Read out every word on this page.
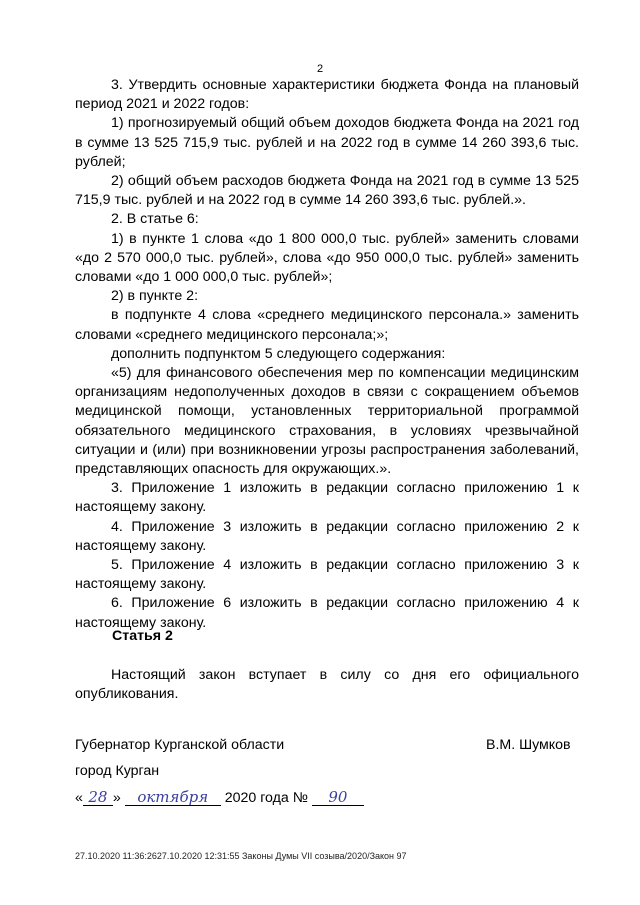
2

3. Утвердить основные характеристики бюджета Фонда на плановый период 2021 и 2022 годов:

1) прогнозируемый общий объем доходов бюджета Фонда на 2021 год в сумме 13 525 715,9 тыс. рублей и на 2022 год в сумме 14 260 393,6 тыс. рублей;

2) общий объем расходов бюджета Фонда на 2021 год в сумме 13 525 715,9 тыс. рублей и на 2022 год в сумме 14 260 393,6 тыс. рублей.».

2. В статье 6:

1) в пункте 1 слова «до 1 800 000,0 тыс. рублей» заменить словами «до 2 570 000,0 тыс. рублей», слова «до 950 000,0 тыс. рублей» заменить словами «до 1 000 000,0 тыс. рублей»;

2) в пункте 2:

в подпункте 4 слова «среднего медицинского персонала.» заменить словами «среднего медицинского персонала;»;

дополнить подпунктом 5 следующего содержания:

«5) для финансового обеспечения мер по компенсации медицинским организациям недополученных доходов в связи с сокращением объемов медицинской помощи, установленных территориальной программой обязательного медицинского страхования, в условиях чрезвычайной ситуации и (или) при возникновении угрозы распространения заболеваний, представляющих опасность для окружающих.».

3. Приложение 1 изложить в редакции согласно приложению 1 к настоящему закону.

4. Приложение 3 изложить в редакции согласно приложению 2 к настоящему закону.

5. Приложение 4 изложить в редакции согласно приложению 3 к настоящему закону.

6. Приложение 6 изложить в редакции согласно приложению 4 к настоящему закону.

Статья 2

Настоящий закон вступает в силу со дня его официального опубликования.

Губернатор Курганской области	В.М. Шумков
город Курган
« 28 » октября 2020 года № 90
27.10.2020 11:36:2627.10.2020 12:31:55 Законы Думы VII созыва/2020/Закон 97
